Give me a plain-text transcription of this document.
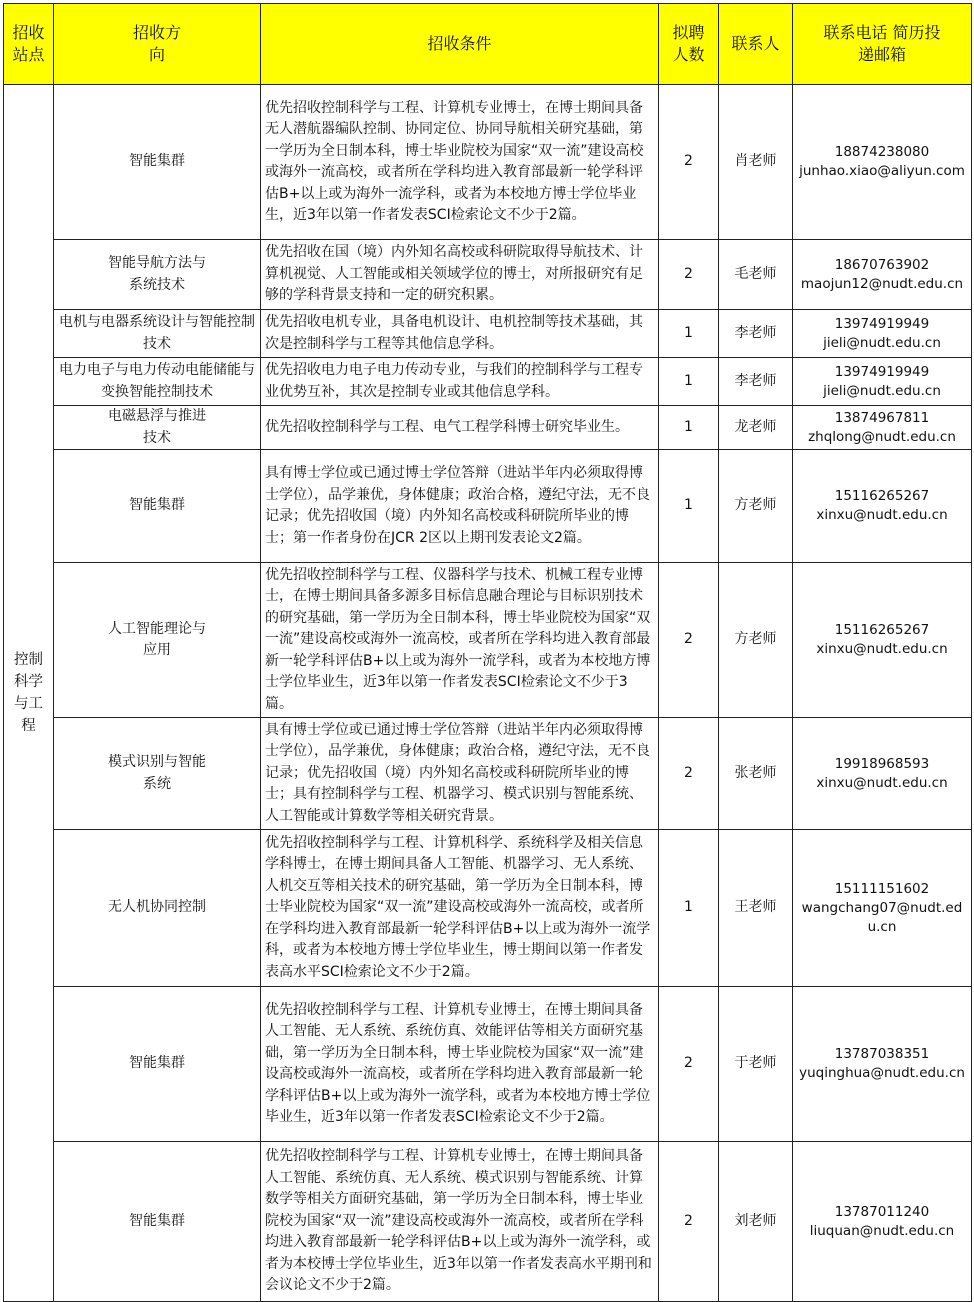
招收站点	招收方向	招收条件	拟聘人数	联系人	联系电话 简历投递邮箱
控制科学与工程	智能集群	优先招收控制科学与工程、计算机专业博士，在博士期间具备无人潜航器编队控制、协同定位、协同导航相关研究基础，第一学历为全日制本科，博士毕业院校为国家“双一流”建设高校或海外一流高校，或者所在学科均进入教育部最新一轮学科评估B+以上或为海外一流学科，或者为本校地方博士学位毕业生，近3年以第一作者发表SCI检索论文不少于2篇。	2	肖老师	18874238080
junhao.xiao@aliyun.com

	智能导航方法与系统技术	优先招收在国（境）内外知名高校或科研院取得导航技术、计算机视觉、人工智能或相关领域学位的博士，对所报研究有足够的学科背景支持和一定的研究积累。	2	毛老师	18670763902
maojun12@nudt.edu.cn

	电机与电器系统设计与智能控制技术	优先招收电机专业，具备电机设计、电机控制等技术基础，其次是控制科学与工程等其他信息学科。	1	李老师	13974919949
jieli@nudt.edu.cn

	电力电子与电力传动电能储能与变换智能控制技术	优先招收电力电子电力传动专业，与我们的控制科学与工程专业优势互补，其次是控制专业或其他信息学科。	1	李老师	13974919949
jieli@nudt.edu.cn

	电磁悬浮与推进技术	优先招收控制科学与工程、电气工程学科博士研究毕业生。	1	龙老师	13874967811
zhqlong@nudt.edu.cn

	智能集群	具有博士学位或已通过博士学位答辩（进站半年内必须取得博士学位），品学兼优，身体健康；政治合格，遵纪守法，无不良记录；优先招收国（境）内外知名高校或科研院所毕业的博士；第一作者身份在JCR 2区以上期刊发表论文2篇。	1	方老师	15116265267
xinxu@nudt.edu.cn

	人工智能理论与应用	优先招收控制科学与工程、仪器科学与技术、机械工程专业博士，在博士期间具备多源多目标信息融合理论与目标识别技术的研究基础，第一学历为全日制本科，博士毕业院校为国家“双一流”建设高校或海外一流高校，或者所在学科均进入教育部最新一轮学科评估B+以上或为海外一流学科，或者为本校地方博士学位毕业生，近3年以第一作者发表SCI检索论文不少于3篇。	2	方老师	15116265267
xinxu@nudt.edu.cn

	模式识别与智能系统	具有博士学位或已通过博士学位答辩（进站半年内必须取得博士学位），品学兼优，身体健康；政治合格，遵纪守法，无不良记录；优先招收国（境）内外知名高校或科研院所毕业的博士；具有控制科学与工程、机器学习、模式识别与智能系统、人工智能或计算数学等相关研究背景。	2	张老师	19918968593
xinxu@nudt.edu.cn

	无人机协同控制	优先招收控制科学与工程、计算机科学、系统科学及相关信息学科博士，在博士期间具备人工智能、机器学习、无人系统、人机交互等相关技术的研究基础，第一学历为全日制本科，博士毕业院校为国家“双一流”建设高校或海外一流高校，或者所在学科均进入教育部最新一轮学科评估B+以上或为海外一流学科，或者为本校地方博士学位毕业生，博士期间以第一作者发表高水平SCI检索论文不少于2篇。	1	王老师	15111151602
wangchang07@nudt.edu.cn

	智能集群	优先招收控制科学与工程、计算机专业博士，在博士期间具备人工智能、无人系统、系统仿真、效能评估等相关方面研究基础，第一学历为全日制本科，博士毕业院校为国家“双一流”建设高校或海外一流高校，或者所在学科均进入教育部最新一轮学科评估B+以上或为海外一流学科，或者为本校地方博士学位毕业生，近3年以第一作者发表SCI检索论文不少于2篇。	2	于老师	13787038351
yuqinghua@nudt.edu.cn

	智能集群	优先招收控制科学与工程、计算机专业博士，在博士期间具备人工智能、系统仿真、无人系统、模式识别与智能系统、计算数学等相关方面研究基础，第一学历为全日制本科，博士毕业院校为国家“双一流”建设高校或海外一流高校，或者所在学科均进入教育部最新一轮学科评估B+以上或为海外一流学科，或者为本校博士学位毕业生，近3年以第一作者发表高水平期刊和会议论文不少于2篇。	2	刘老师	13787011240
liuquan@nudt.edu.cn
